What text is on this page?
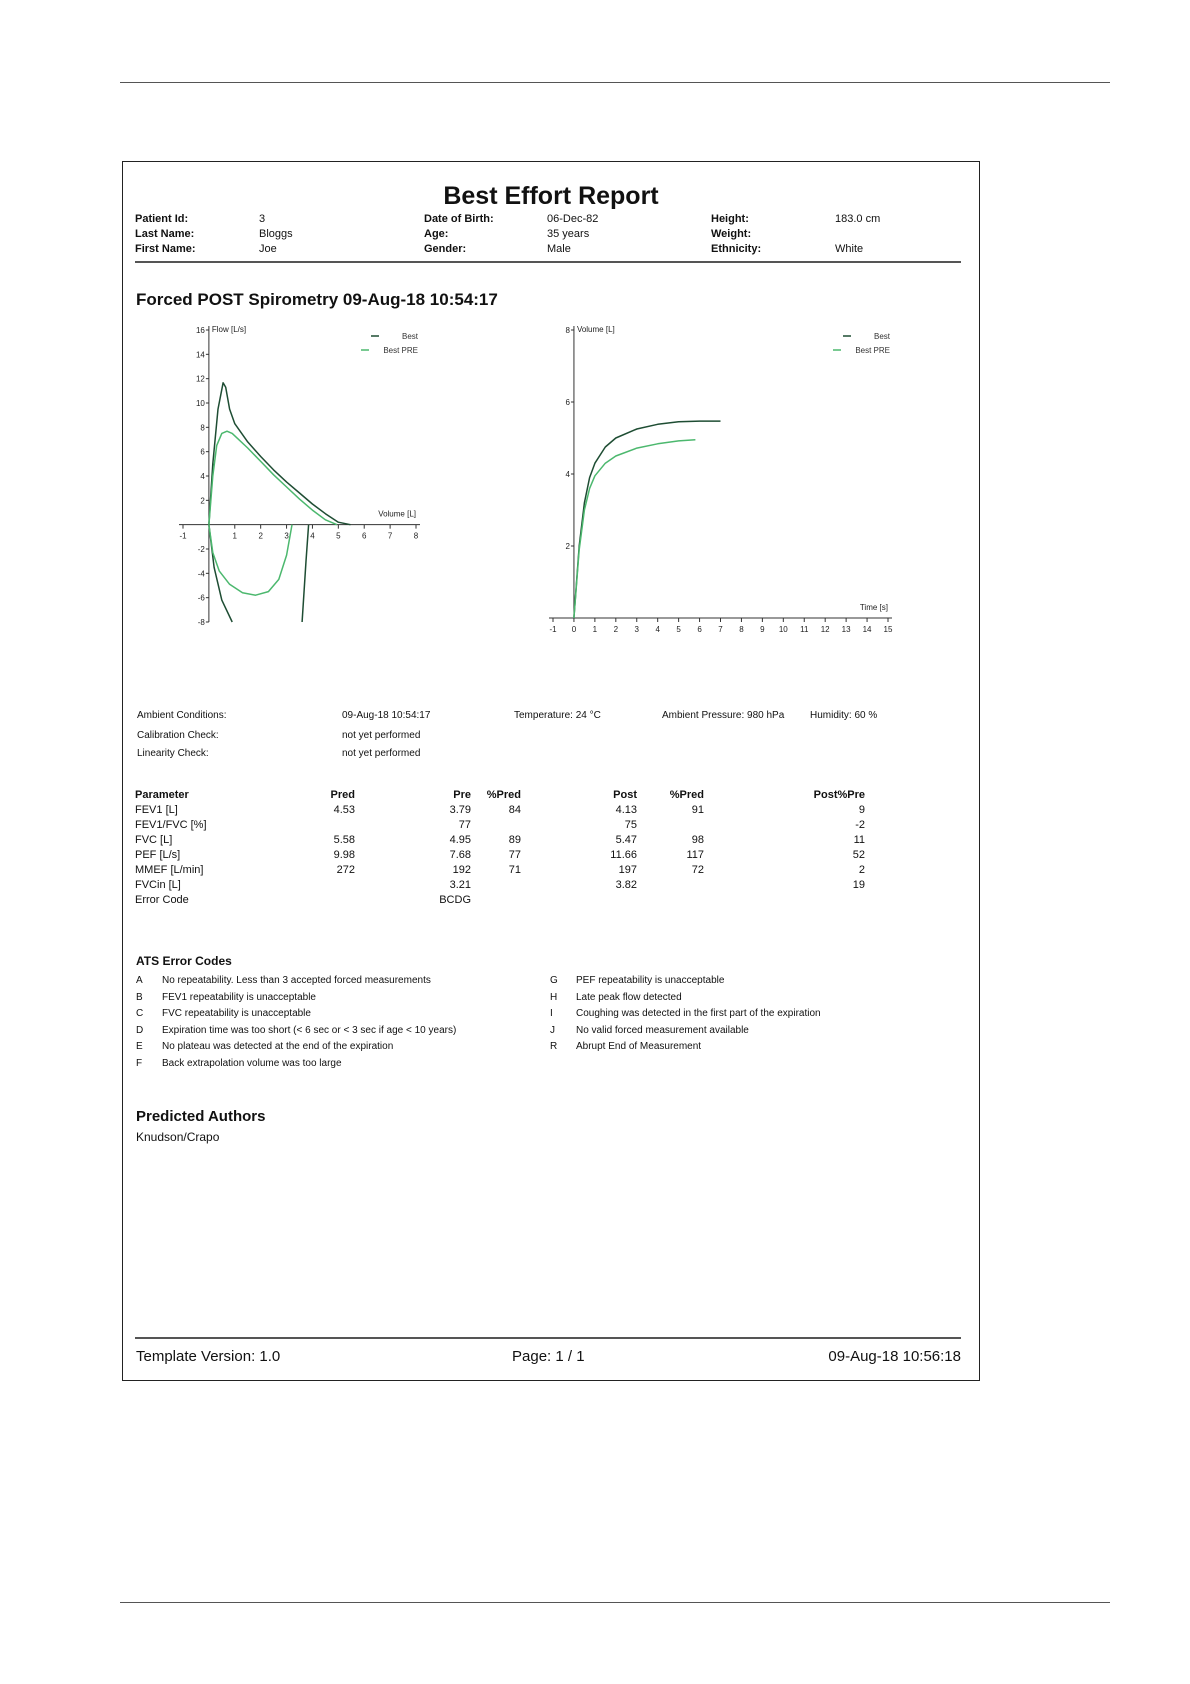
Best Effort Report
Patient Id:	3
Last Name:	Bloggs
First Name:	Joe
Date of Birth:	06-Dec-82
Age:	35 years
Gender:	Male
Height:	183.0 cm
Weight:
Ethnicity:	White
Forced POST Spirometry 09-Aug-18 10:54:17
-1	1	2	3	4	5	6	7	8
16
14
12
10
8
6
4
2
-2
-4
-6
-8
Flow [L/s]
Volume [L]
Best
Best PRE
-1 0 1 2 3 4 5 6 7 8 9 10 11 12 13 14 15
8
6
4
2
Volume [L]
Time [s]
Best
Best PRE
Ambient Conditions:	09-Aug-18 10:54:17	Temperature: 24 °C	Ambient Pressure: 980 hPa	Humidity: 60 %
Calibration Check:	not yet performed
Linearity Check:	not yet performed
Parameter	Pred	Pre	%Pred	Post	%Pred	Post%Pre
FEV1 [L]	4.53	3.79	84	4.13	91	9
FEV1/FVC [%]		77		75		-2
FVC [L]	5.58	4.95	89	5.47	98	11
PEF [L/s]	9.98	7.68	77	11.66	117	52
MMEF [L/min]	272	192	71	197	72	2
FVCin [L]		3.21		3.82		19
Error Code		BCDG				
ATS Error Codes
A No repeatability. Less than 3 accepted forced measurements
B FEV1 repeatability is unacceptable
C FVC repeatability is unacceptable
D Expiration time was too short (< 6 sec or < 3 sec if age < 10 years)
E No plateau was detected at the end of the expiration
F Back extrapolation volume was too large
G PEF repeatability is unacceptable
H Late peak flow detected
I Coughing was detected in the first part of the expiration
J No valid forced measurement available
R Abrupt End of Measurement
Predicted Authors
Knudson/Crapo
Template Version: 1.0	Page: 1 / 1	09-Aug-18 10:56:18
